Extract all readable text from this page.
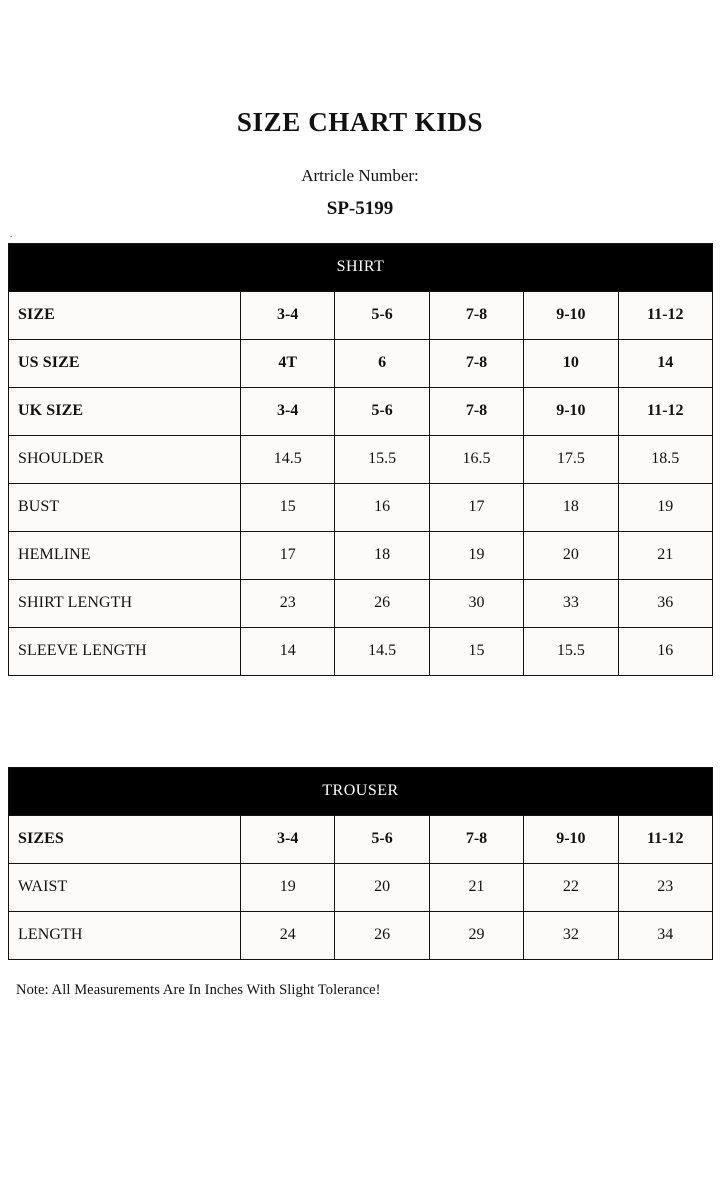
SIZE CHART KIDS
Artricle Number:
SP-5199
.
SHIRT					
SIZE	3-4	5-6	7-8	9-10	11-12
US SIZE	4T	6	7-8	10	14
UK SIZE	3-4	5-6	7-8	9-10	11-12
SHOULDER	14.5	15.5	16.5	17.5	18.5
BUST	15	16	17	18	19
HEMLINE	17	18	19	20	21
SHIRT LENGTH	23	26	30	33	36
SLEEVE LENGTH	14	14.5	15	15.5	16
TROUSER					
SIZES	3-4	5-6	7-8	9-10	11-12
WAIST	19	20	21	22	23
LENGTH	24	26	29	32	34
Note: All Measurements Are In Inches With Slight Tolerance!
